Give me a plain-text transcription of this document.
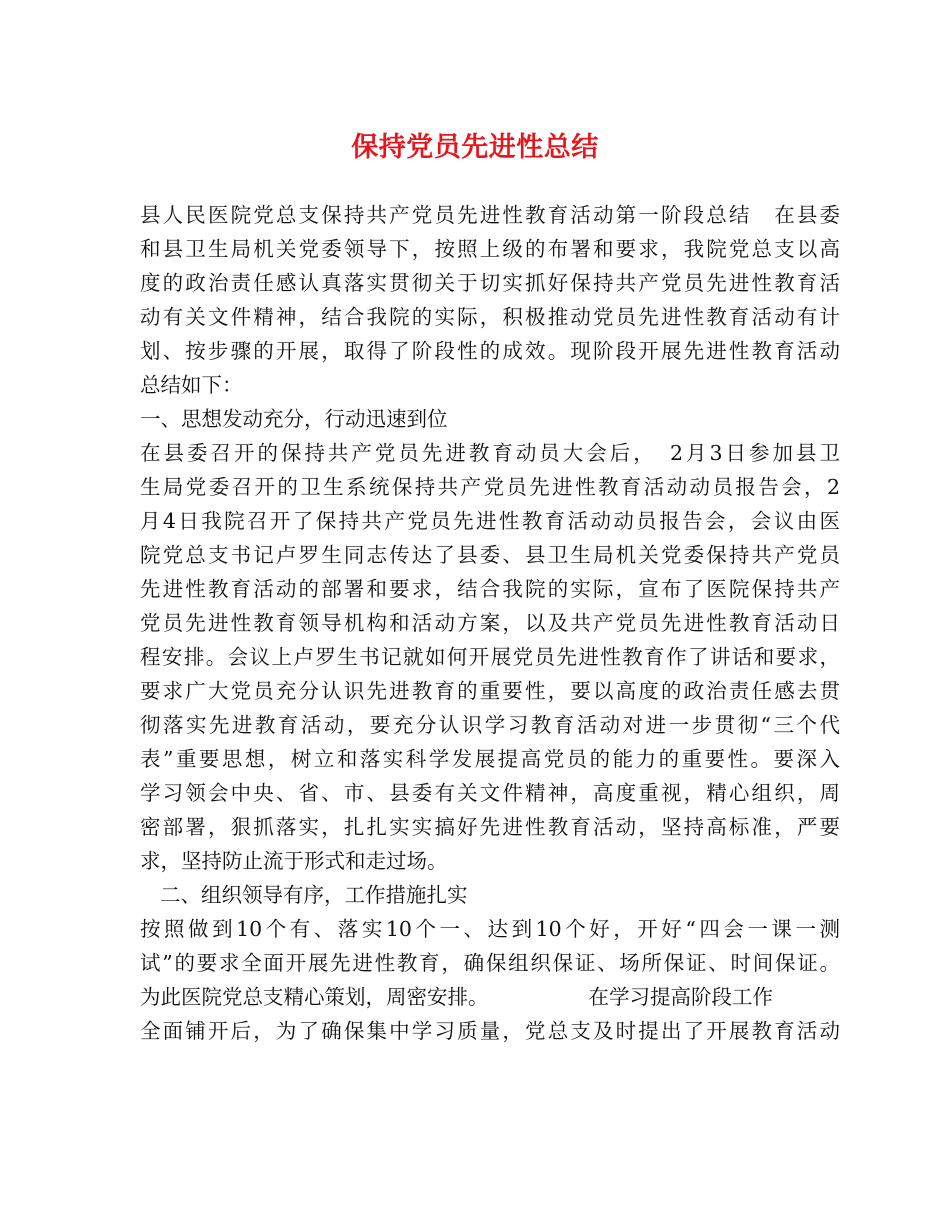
保持党员先进性总结
县人民医院党总支保持共产党员先进性教育活动第一阶段总结　在县委
和县卫生局机关党委领导下，按照上级的布署和要求，我院党总支以高
度的政治责任感认真落实贯彻关于切实抓好保持共产党员先进性教育活
动有关文件精神，结合我院的实际，积极推动党员先进性教育活动有计
划、按步骤的开展，取得了阶段性的成效。现阶段开展先进性教育活动
总结如下：
一、思想发动充分，行动迅速到位
在县委召开的保持共产党员先进教育动员大会后，　2月3日参加县卫
生局党委召开的卫生系统保持共产党员先进性教育活动动员报告会，2
月4日我院召开了保持共产党员先进性教育活动动员报告会，会议由医
院党总支书记卢罗生同志传达了县委、县卫生局机关党委保持共产党员
先进性教育活动的部署和要求，结合我院的实际，宣布了医院保持共产
党员先进性教育领导机构和活动方案，以及共产党员先进性教育活动日
程安排。会议上卢罗生书记就如何开展党员先进性教育作了讲话和要求，
要求广大党员充分认识先进教育的重要性，要以高度的政治责任感去贯
彻落实先进教育活动，要充分认识学习教育活动对进一步贯彻“三个代
表”重要思想，树立和落实科学发展提高党员的能力的重要性。要深入
学习领会中央、省、市、县委有关文件精神，高度重视，精心组织，周
密部署，狠抓落实，扎扎实实搞好先进性教育活动，坚持高标准，严要
求，坚持防止流于形式和走过场。
二、组织领导有序，工作措施扎实
按照做到10个有、落实10个一、达到10个好，开好“四会一课一测
试”的要求全面开展先进性教育，确保组织保证、场所保证、时间保证。
为此医院党总支精心策划，周密安排。	在学习提高阶段工作
全面铺开后，为了确保集中学习质量，党总支及时提出了开展教育活动
